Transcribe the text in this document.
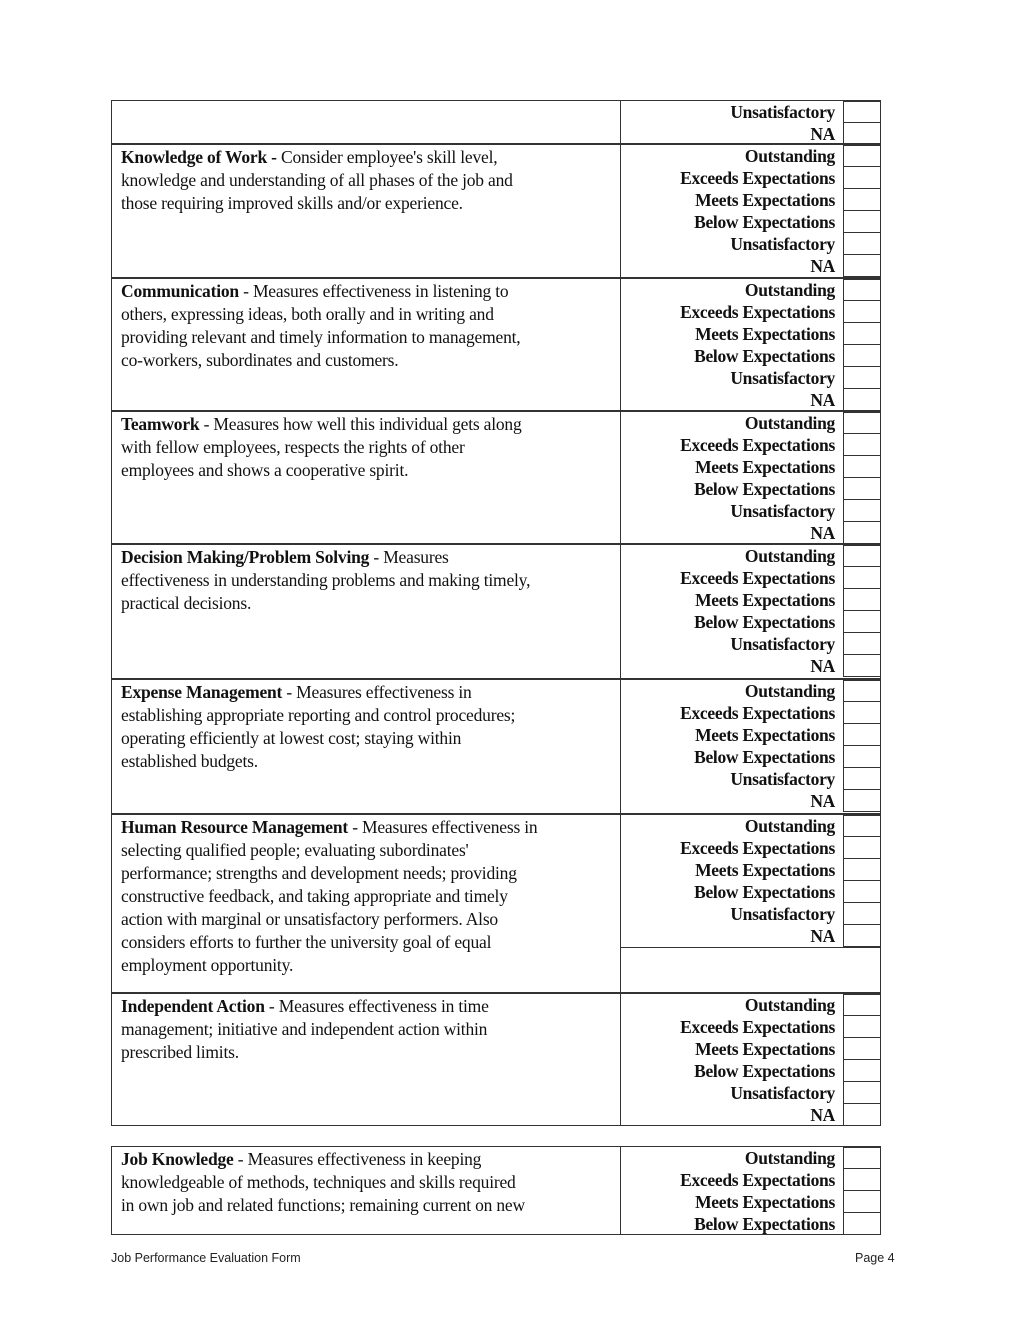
Unsatisfactory
NA
Knowledge of Work - Consider employee's skill level,
knowledge and understanding of all phases of the job and
those requiring improved skills and/or experience.
Outstanding
Exceeds Expectations
Meets Expectations
Below Expectations
Unsatisfactory
NA
Communication - Measures effectiveness in listening to
others, expressing ideas, both orally and in writing and
providing relevant and timely information to management,
co-workers, subordinates and customers.
Outstanding
Exceeds Expectations
Meets Expectations
Below Expectations
Unsatisfactory
NA
Teamwork - Measures how well this individual gets along
with fellow employees, respects the rights of other
employees and shows a cooperative spirit.
Outstanding
Exceeds Expectations
Meets Expectations
Below Expectations
Unsatisfactory
NA
Decision Making/Problem Solving - Measures
effectiveness in understanding problems and making timely,
practical decisions.
Outstanding
Exceeds Expectations
Meets Expectations
Below Expectations
Unsatisfactory
NA
Expense Management - Measures effectiveness in
establishing appropriate reporting and control procedures;
operating efficiently at lowest cost; staying within
established budgets.
Outstanding
Exceeds Expectations
Meets Expectations
Below Expectations
Unsatisfactory
NA
Human Resource Management - Measures effectiveness in
selecting qualified people; evaluating subordinates'
performance; strengths and development needs; providing
constructive feedback, and taking appropriate and timely
action with marginal or unsatisfactory performers. Also
considers efforts to further the university goal of equal
employment opportunity.
Outstanding
Exceeds Expectations
Meets Expectations
Below Expectations
Unsatisfactory
NA
Independent Action - Measures effectiveness in time
management; initiative and independent action within
prescribed limits.
Outstanding
Exceeds Expectations
Meets Expectations
Below Expectations
Unsatisfactory
NA
Job Knowledge - Measures effectiveness in keeping
knowledgeable of methods, techniques and skills required
in own job and related functions; remaining current on new
Outstanding
Exceeds Expectations
Meets Expectations
Below Expectations
Job Performance Evaluation Form	Page 4
